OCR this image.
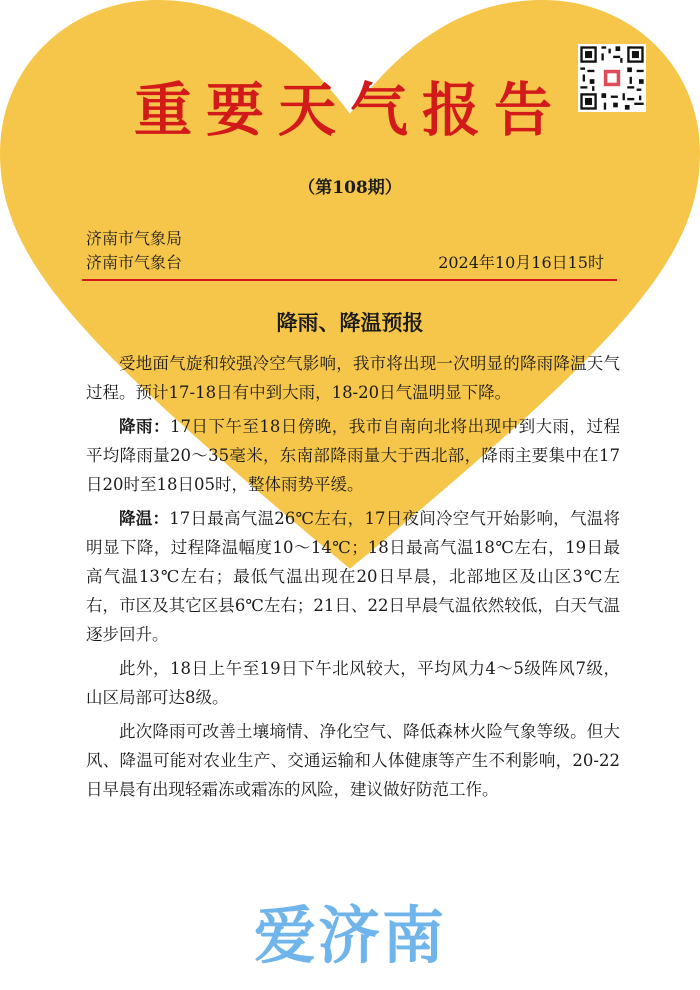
重要天气报告
（第108期）
济南市气象局
济南市气象台	2024年10月16日15时
降雨、降温预报

受地面气旋和较强冷空气影响，我市将出现一次明显的降雨降温天气过程。预计17-18日有中到大雨，18-20日气温明显下降。

降雨：17日下午至18日傍晚，我市自南向北将出现中到大雨，过程平均降雨量20～35毫米，东南部降雨量大于西北部，降雨主要集中在17日20时至18日05时，整体雨势平缓。

降温：17日最高气温26℃左右，17日夜间冷空气开始影响，气温将明显下降，过程降温幅度10～14℃；18日最高气温18℃左右，19日最高气温13℃左右；最低气温出现在20日早晨，北部地区及山区3℃左右，市区及其它区县6℃左右；21日、22日早晨气温依然较低，白天气温逐步回升。

此外，18日上午至19日下午北风较大，平均风力4～5级阵风7级，山区局部可达8级。

此次降雨可改善土壤墒情、净化空气、降低森林火险气象等级。但大风、降温可能对农业生产、交通运输和人体健康等产生不利影响，20-22日早晨有出现轻霜冻或霜冻的风险，建议做好防范工作。

爱济南
